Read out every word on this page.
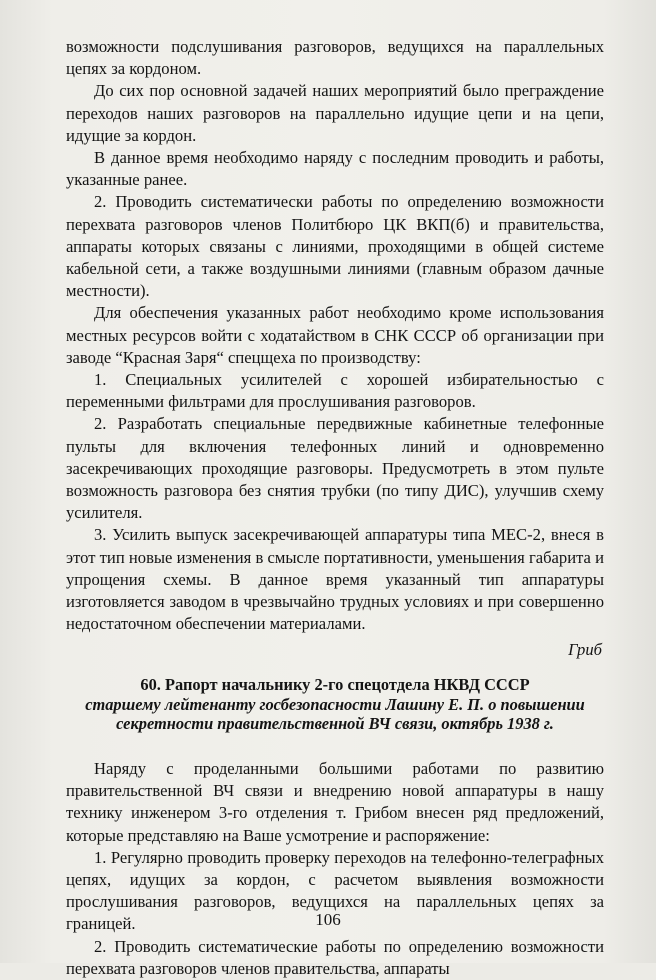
возможности подслушивания разговоров, ведущихся на параллельных цепях за кордоном.

До сих пор основной задачей наших мероприятий было преграждение переходов наших разговоров на параллельно идущие цепи и на цепи, идущие за кордон.

В данное время необходимо наряду с последним проводить и работы, указанные ранее.

2. Проводить систематически работы по определению возможности перехвата разговоров членов Политбюро ЦК ВКП(б) и правительства, аппараты которых связаны с линиями, проходящими в общей системе кабельной сети, а также воздушными линиями (главным образом дачные местности).

Для обеспечения указанных работ необходимо кроме использования местных ресурсов войти с ходатайством в СНК СССР об организации при заводе “Красная Заря“ спецщеха по производству:

1. Специальных усилителей с хорошей избирательностью с переменными фильтрами для прослушивания разговоров.

2. Разработать специальные передвижные кабинетные телефонные пульты для включения телефонных линий и одновременно засекречивающих проходящие разговоры. Предусмотреть в этом пульте возможность разговора без снятия трубки (по типу ДИС), улучшив схему усилителя.

3. Усилить выпуск засекречивающей аппаратуры типа МЕС-2, внеся в этот тип новые изменения в смысле портативности, уменьшения габарита и упрощения схемы. В данное время указанный тип аппаратуры изготовляется заводом в чрезвычайно трудных условиях и при совершенно недостаточном обеспечении материалами.

Гриб
60. Рапорт начальнику 2-го спецотдела НКВД СССР
старшему лейтенанту госбезопасности Лашину Е. П. о повышении секретности правительственной ВЧ связи, октябрь 1938 г.

Наряду с проделанными большими работами по развитию правительственной ВЧ связи и внедрению новой аппаратуры в нашу технику инженером 3-го отделения т. Грибом внесен ряд предложений, которые представляю на Ваше усмотрение и распоряжение:

1. Регулярно проводить проверку переходов на телефонно-телеграфных цепях, идущих за кордон, с расчетом выявления возможности прослушивания разговоров, ведущихся на параллельных цепях за границей.

2. Проводить систематические работы по определению возможности перехвата разговоров членов правительства, аппараты

106
